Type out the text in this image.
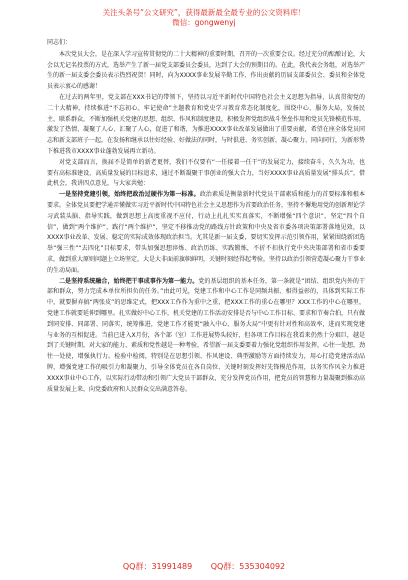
关注头条号“公文研究”，获得最新最全最专业的公文资料库！
微信：gongwenyj

同志们：

本次党员大会，是在深入学习宣传贯彻党的二十大精神的重要时期，召开的一次重要会议。经过充分的酝酿讨论，大会以无记名投票的方式，选举产生了新一届党支部委员会委员，达到了大会的预期目的。在此，我代表会务组，对选举产生的新一届支委会委员表示热烈祝贺！同时，向为XXXX事业发展辛勤工作、作出贡献的历届支部委员会、委员和全体党员表示衷心的感谢！

在过去的两年里，党支部在XXX书记的带领下，坚持以习近平新时代中国特色社会主义思想为指导，认真贯彻党的二十大精神，持续推进“不忘初心、牢记使命”主题教育和党史学习教育常态化制度化，围绕中心、服务大局，发扬民主，联系群众，不断加强机关党建的思想、组织、作风和制度建设，积极发挥党组织战斗堡垒作用和党员先锋模范作用，激发了热情、凝聚了人心、汇聚了人心，促进了和谐，为推进XXXX事业改革发展做出了重要贡献，希望在座全体党员同志和新支部班子一起，在发扬和继承以往好经验、好做法的同时，与时俱进、务实创新，凝心聚力、同向同行，为新形势下推进我市XXXX事业蓬勃发展再立新功。

对党支部而言，换届不是简单的新老更替，我们不仅要有“一任接着一任干”的发展定力，接续奋斗，久久为功，也要有高标准建设、高质量发展的目标追求，通过不断凝聚干事创业的强大合力，当好XXXX事业高质量发展“排头兵”，借此机会，我讲四点意见，与大家共勉：

一是坚持党建引领，始终把政治过硬作为第一标准。政治素质是衡量新时代党员干部素质和能力的首要标准和根本要求。全体党员要把学通弄懂做实习近平新时代中国特色社会主义思想作为首要政治任务，坚持不懈地用党的创新理论学习武装头脑、指导实践，做到思想上高度重视不应付，行动上扎扎实实真落实，不断增强“四个意识”，坚定“四个自信”，做到“两个维护”，践行“两个维护”，坚定不移推动党的路线方针政策和中央及省市委各项决策部署落地见效，以XXXX事业改革、发展、稳定的实际成效体现政治担当。尤其是新一届支委，要切实发挥示范引领作用，紧紧围绕新团选举“强三性”“去四化”目标要求，带头加强思想淬炼、政治历练、实践锻炼，不折不扣执行党中央决策部署和省市委要求，做到重大原则问题上立场坚定，大是大非面前旗帜鲜明，关键时刻经得起考验，坚持以政治引领营造凝心聚力干事业的生动局面。

二是坚持系统融合，始终把干事成事作为第一能力。党的基层组织的基本任务，第一条就是“团结、组织党内外的干部和群众，努力完成本单位所担负的任务。”由此可见，党建工作和中心工作是同频共振、相得益彰的，具体到实际工作中，就要摒弃搞“两张皮”的思维定式，把XXX工作作为重中之重，把XXX工作的重心在哪里？XXX工作的中心在哪里，党建工作就要延伸到哪里。扎实做好中心工作，机关党建的工作活动安排是否与中心工作目标、要求和节奏合拍，只有做到同安排、同部署、同落实，统筹推进，党建工作才能更“融入中心、服务大局”中更有针对性和高效率，进而实现党建与业务的互相促进。当前已进入X月份，各个部（室）工作进展势头较好，但各项工作目标在我看来仍然十分艰巨，越是到了关键时期，对大家的能力、素质和党性越是一种考验，希望新一届支委要着力强化党组织作用发挥，心往一处想，劲往一处使，增强执行力。检验中检阅，特别是在思想引领、作风建设、典型激励等方面持续发力，用心打造党建活动品牌，增强党建工作的吸引力和凝聚力，引导全体党员在各自岗位、关键时刻发挥好先锋模范作用，以务实作风全力推进XXXX事业中心工作，以实际行动带动和引领广大党员干部群众，充分发挥党员作用，把党员的智慧和力量凝聚到推动高质量发展上来，向党委政府和人民群众交出满意答卷。

QQ群：31991489 QQ群：535304092
